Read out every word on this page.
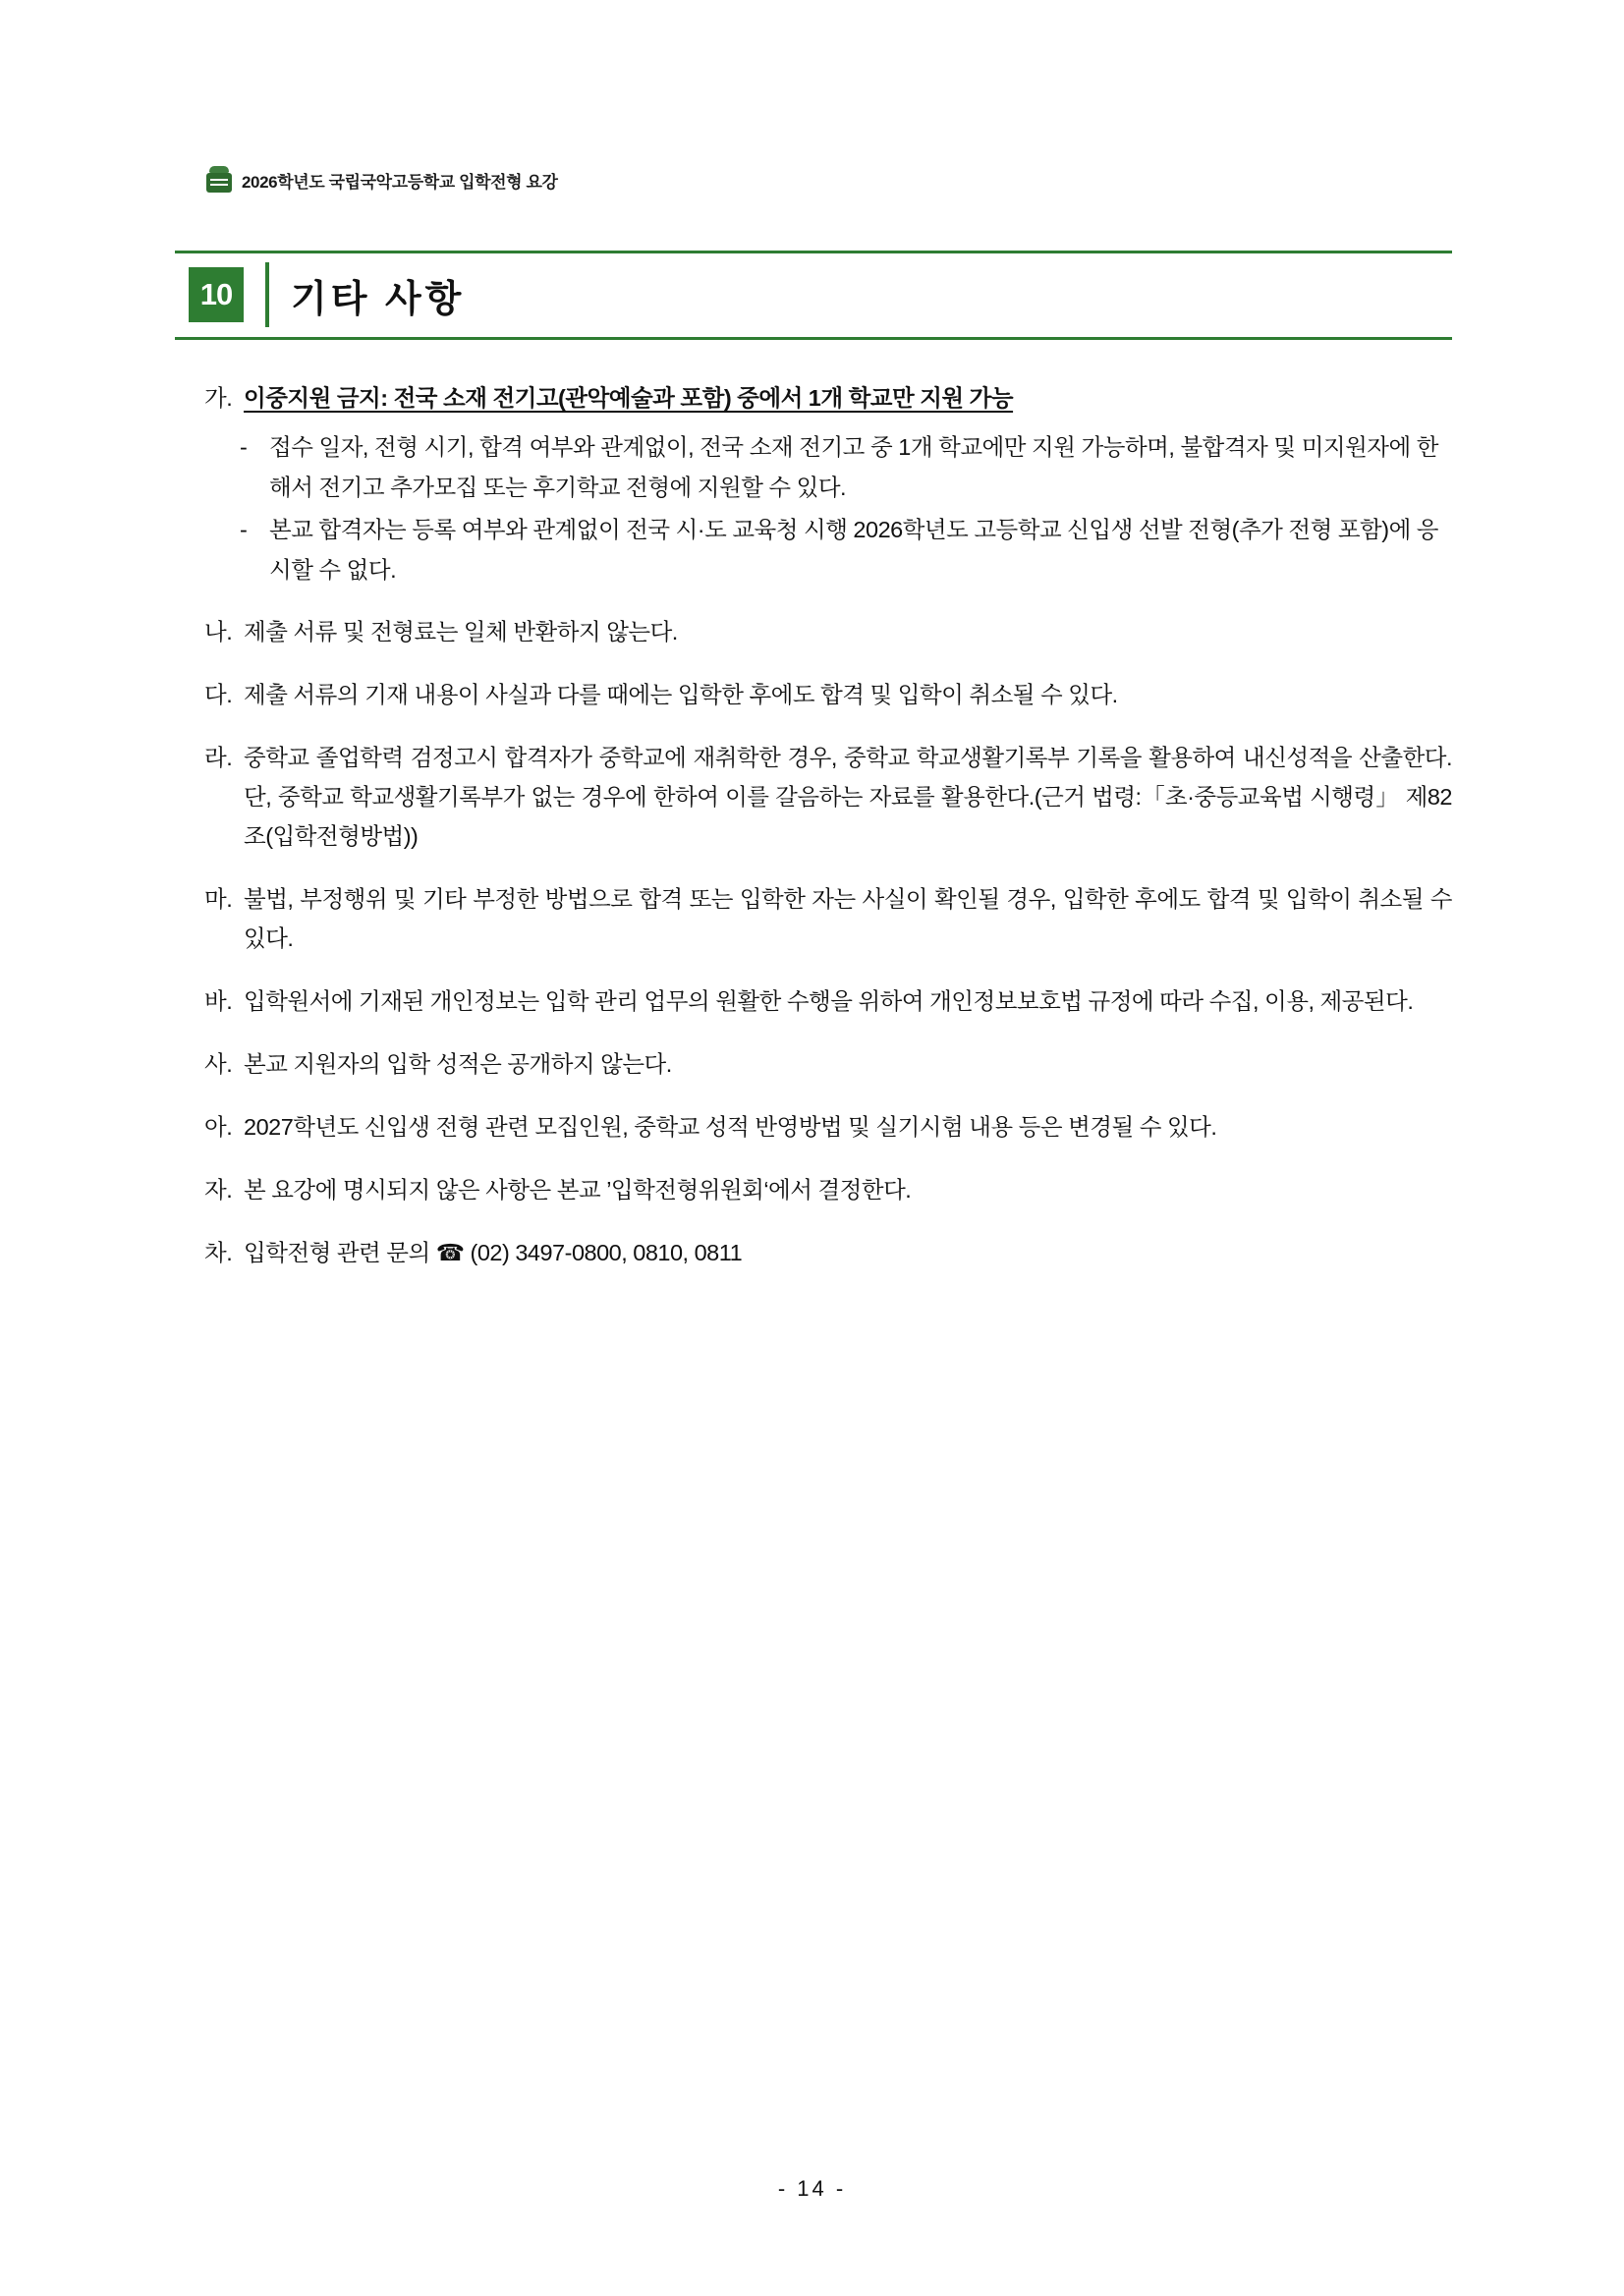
2026학년도 국립국악고등학교 입학전형 요강
10	기타 사항
가. 이중지원 금지: 전국 소재 전기고(관악예술과 포함) 중에서 1개 학교만 지원 가능
- 접수 일자, 전형 시기, 합격 여부와 관계없이, 전국 소재 전기고 중 1개 학교에만 지원 가능하며, 불합격자 및 미지원자에 한해서 전기고 추가모집 또는 후기학교 전형에 지원할 수 있다.
- 본교 합격자는 등록 여부와 관계없이 전국 시·도 교육청 시행 2026학년도 고등학교 신입생 선발 전형(추가 전형 포함)에 응시할 수 없다.
나. 제출 서류 및 전형료는 일체 반환하지 않는다.
다. 제출 서류의 기재 내용이 사실과 다를 때에는 입학한 후에도 합격 및 입학이 취소될 수 있다.
라. 중학교 졸업학력 검정고시 합격자가 중학교에 재취학한 경우, 중학교 학교생활기록부 기록을 활용하여 내신성적을 산출한다. 단, 중학교 학교생활기록부가 없는 경우에 한하여 이를 갈음하는 자료를 활용한다.(근거 법령:「초·중등교육법 시행령」 제82조(입학전형방법))
마. 불법, 부정행위 및 기타 부정한 방법으로 합격 또는 입학한 자는 사실이 확인될 경우, 입학한 후에도 합격 및 입학이 취소될 수 있다.
바. 입학원서에 기재된 개인정보는 입학 관리 업무의 원활한 수행을 위하여 개인정보보호법 규정에 따라 수집, 이용, 제공된다.
사. 본교 지원자의 입학 성적은 공개하지 않는다.
아. 2027학년도 신입생 전형 관련 모집인원, 중학교 성적 반영방법 및 실기시험 내용 등은 변경될 수 있다.
자. 본 요강에 명시되지 않은 사항은 본교 ’입학전형위원회‘에서 결정한다.
차. 입학전형 관련 문의 ☎ (02) 3497-0800, 0810, 0811
- 14 -
